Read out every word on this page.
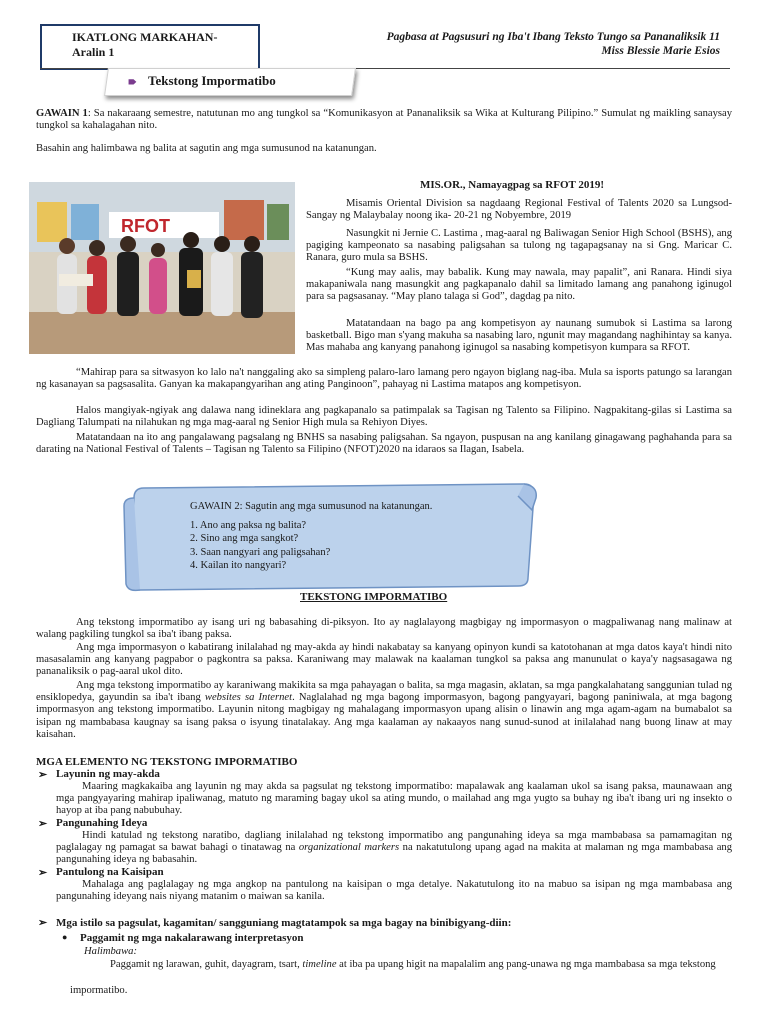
IKATLONG MARKAHAN-
Aralin 1
Pagbasa at Pagsusuri ng Iba't Ibang Teksto Tungo sa Pananaliksik 11
Miss Blessie Marie Esios
🠶 Tekstong Impormatibo

GAWAIN 1: Sa nakaraang semestre, natutunan mo ang tungkol sa “Komunikasyon at Pananaliksik sa Wika at Kulturang Pilipino.” Sumulat ng maikling sanaysay tungkol sa kahalagahan nito.

Basahin ang halimbawa ng balita at sagutin ang mga sumusunod na katanungan.

RFOT
MIS.OR., Namayagpag sa RFOT 2019!

Misamis Oriental Division sa nagdaang Regional Festival of Talents 2020 sa Lungsod- Sangay ng Malaybalay noong ika- 20-21 ng Nobyembre, 2019

Nasungkit ni Jernie C. Lastima , mag-aaral ng Baliwagan Senior High School (BSHS), ang pagiging kampeonato sa nasabing paligsahan sa tulong ng tagapagsanay na si Gng. Maricar C. Ranara, guro mula sa BSHS.

“Kung may aalis, may babalik. Kung may nawala, may papalit”, ani Ranara. Hindi siya makapaniwala nang masungkit ang pagkapanalo dahil sa limitado lamang ang panahong iginugol para sa pagsasanay. “May plano talaga si God”, dagdag pa nito.

Matatandaan na bago pa ang kompetisyon ay naunang sumubok si Lastima sa larong basketball. Bigo man s'yang makuha sa nasabing laro, ngunit may magandang naghihintay sa kanya. Mas mahaba ang kanyang panahong iginugol sa nasabing kompetisyon kumpara sa RFOT.

“Mahirap para sa sitwasyon ko lalo na't nanggaling ako sa simpleng palaro-laro lamang pero ngayon biglang nag-iba. Mula sa isports patungo sa larangan ng kasanayan sa pagsasalita. Ganyan ka makapangyarihan ang ating Panginoon”, pahayag ni Lastima matapos ang kompetisyon.

Halos mangiyak-ngiyak ang dalawa nang idineklara ang pagkapanalo sa patimpalak sa Tagisan ng Talento sa Filipino. Nagpakitang-gilas si Lastima sa Dagliang Talumpati na nilahukan ng mga mag-aaral ng Senior High mula sa Rehiyon Diyes.

Matatandaan na ito ang pangalawang pagsalang ng BNHS sa nasabing paligsahan. Sa ngayon, puspusan na ang kanilang ginagawang paghahanda para sa darating na National Festival of Talents – Tagisan ng Talento sa Filipino (NFOT)2020 na idaraos sa Ilagan, Isabela.

GAWAIN 2: Sagutin ang mga sumusunod na katanungan.
1. Ano ang paksa ng balita?
2. Sino ang mga sangkot?
3. Saan nangyari ang paligsahan?
4. Kailan ito nangyari?
TEKSTONG IMPORMATIBO

Ang tekstong impormatibo ay isang uri ng babasahing di-piksyon. Ito ay naglalayong magbigay ng impormasyon o magpaliwanag nang malinaw at walang pagkiling tungkol sa iba't ibang paksa.

Ang mga impormasyon o kabatirang inilalahad ng may-akda ay hindi nakabatay sa kanyang opinyon kundi sa katotohanan at mga datos kaya't hindi nito masasalamin ang kanyang pagpabor o pagkontra sa paksa. Karaniwang may malawak na kaalaman tungkol sa paksa ang manunulat o kaya'y nagsasagawa ng pananaliksik o pag-aaral ukol dito.

Ang mga tekstong impormatibo ay karaniwang makikita sa mga pahayagan o balita, sa mga magasin, aklatan, sa mga pangkalahatang sanggunian tulad ng ensiklopedya, gayundin sa iba't ibang websites sa Internet. Naglalahad ng mga bagong impormasyon, bagong pangyayari, bagong paniniwala, at mga bagong impormasyon ang tekstong impormatibo. Layunin nitong magbigay ng mahalagang impormasyon upang alisin o linawin ang mga agam-agam na bumabalot sa isipan ng mambabasa kaugnay sa isang paksa o isyung tinatalakay. Ang mga kaalaman ay nakaayos nang sunud-sunod at inilalahad nang buong linaw at may kaisahan.

MGA ELEMENTO NG TEKSTONG IMPORMATIBO
➢ Layunin ng may-akda

Maaring magkakaiba ang layunin ng may akda sa pagsulat ng tekstong impormatibo: mapalawak ang kaalaman ukol sa isang paksa, maunawaan ang mga pangyayaring mahirap ipaliwanag, matuto ng maraming bagay ukol sa ating mundo, o mailahad ang mga yugto sa buhay ng iba't ibang uri ng insekto o hayop at iba pang nabubuhay.

➢ Pangunahing Ideya

Hindi katulad ng tekstong naratibo, dagliang inilalahad ng tekstong impormatibo ang pangunahing ideya sa mga mambabasa sa pamamagitan ng paglalagay ng pamagat sa bawat bahagi o tinatawag na organizational markers na nakatutulong upang agad na makita at malaman ng mga mambabasa ang pangunahing ideya ng babasahin.

➢ Pantulong na Kaisipan

Mahalaga ang paglalagay ng mga angkop na pantulong na kaisipan o mga detalye. Nakatutulong ito na mabuo sa isipan ng mga mambabasa ang pangunahing ideyang nais niyang matanim o maiwan sa kanila.

➢ Mga istilo sa pagsulat, kagamitan/ sangguniang magtatampok sa mga bagay na binibigyang-diin:
● Paggamit ng mga nakalarawang interpretasyon
Halimbawa:

Paggamit ng larawan, guhit, dayagram, tsart, timeline at iba pa upang higit na mapalalim ang pang-unawa ng mga mambabasa sa mga tekstong

impormatibo.
